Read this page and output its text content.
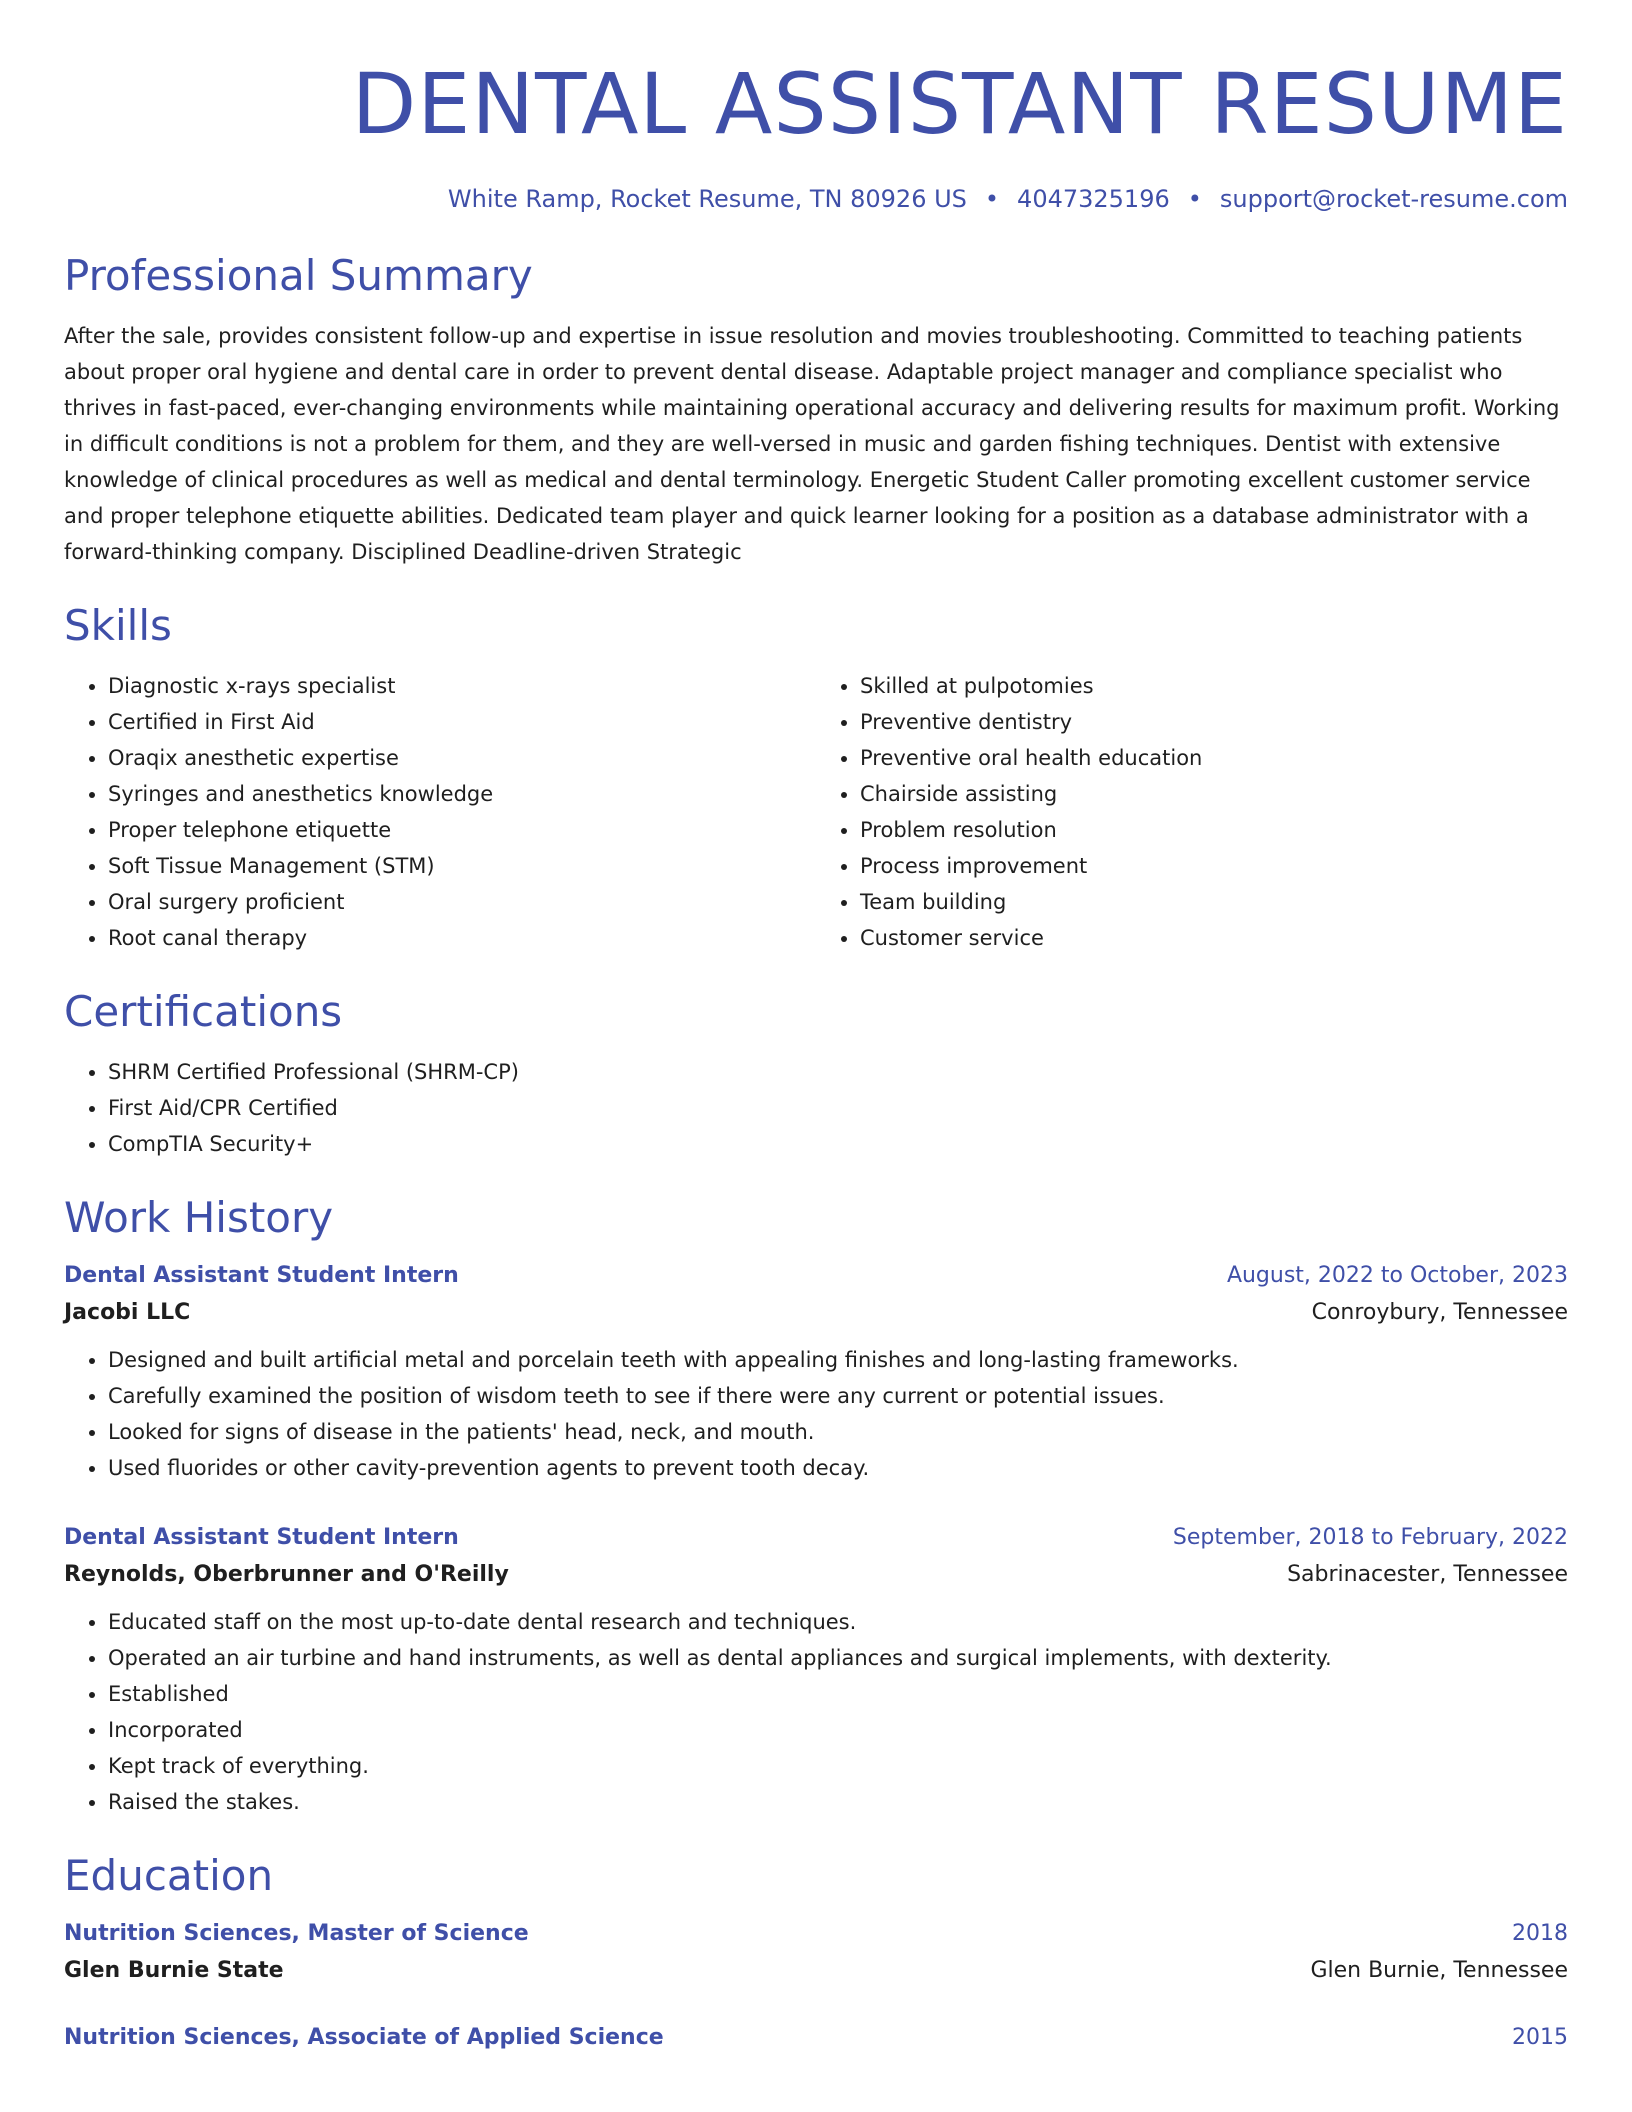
DENTAL ASSISTANT RESUME
White Ramp, Rocket Resume, TN 80926 US • 4047325196 • support@rocket-resume.com
Professional Summary

After the sale, provides consistent follow-up and expertise in issue resolution and movies troubleshooting. Committed to teaching patients about proper oral hygiene and dental care in order to prevent dental disease. Adaptable project manager and compliance specialist who thrives in fast-paced, ever-changing environments while maintaining operational accuracy and delivering results for maximum profit. Working in difficult conditions is not a problem for them, and they are well-versed in music and garden fishing techniques. Dentist with extensive knowledge of clinical procedures as well as medical and dental terminology. Energetic Student Caller promoting excellent customer service and proper telephone etiquette abilities. Dedicated team player and quick learner looking for a position as a database administrator with a forward-thinking company. Disciplined Deadline-driven Strategic

Skills
• Diagnostic x-rays specialist
• Certified in First Aid
• Oraqix anesthetic expertise
• Syringes and anesthetics knowledge
• Proper telephone etiquette
• Soft Tissue Management (STM)
• Oral surgery proficient
• Root canal therapy
• Skilled at pulpotomies
• Preventive dentistry
• Preventive oral health education
• Chairside assisting
• Problem resolution
• Process improvement
• Team building
• Customer service
Certifications
• SHRM Certified Professional (SHRM-CP)
• First Aid/CPR Certified
• CompTIA Security+
Work History
Dental Assistant Student Intern	August, 2022 to October, 2023
Jacobi LLC	Conroybury, Tennessee
• Designed and built artificial metal and porcelain teeth with appealing finishes and long-lasting frameworks.
• Carefully examined the position of wisdom teeth to see if there were any current or potential issues.
• Looked for signs of disease in the patients' head, neck, and mouth.
• Used fluorides or other cavity-prevention agents to prevent tooth decay.
Dental Assistant Student Intern	September, 2018 to February, 2022
Reynolds, Oberbrunner and O'Reilly	Sabrinacester, Tennessee
• Educated staff on the most up-to-date dental research and techniques.
• Operated an air turbine and hand instruments, as well as dental appliances and surgical implements, with dexterity.
• Established
• Incorporated
• Kept track of everything.
• Raised the stakes.
Education
Nutrition Sciences, Master of Science	2018
Glen Burnie State	Glen Burnie, Tennessee
Nutrition Sciences, Associate of Applied Science	2015
